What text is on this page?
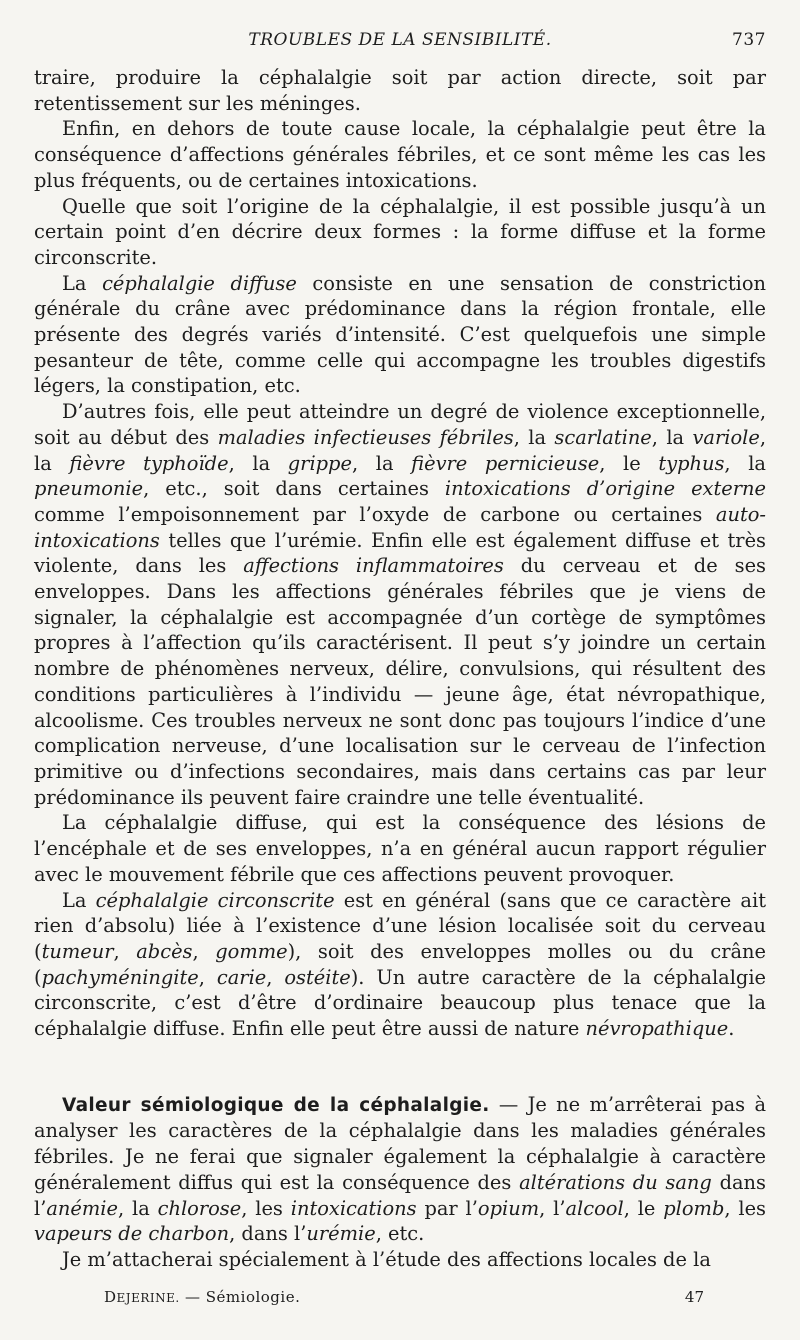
TROUBLES DE LA SENSIBILITÉ.	737

traire, produire la céphalalgie soit par action directe, soit par retentissement sur les méninges.

Enfin, en dehors de toute cause locale, la céphalalgie peut être la conséquence d’affections générales fébriles, et ce sont même les cas les plus fréquents, ou de certaines intoxications.

Quelle que soit l’origine de la céphalalgie, il est possible jusqu’à un certain point d’en décrire deux formes : la forme diffuse et la forme circonscrite.

La céphalalgie diffuse consiste en une sensation de constriction générale du crâne avec prédominance dans la région frontale, elle présente des degrés variés d’intensité. C’est quelquefois une simple pesanteur de tête, comme celle qui accompagne les troubles digestifs légers, la constipation, etc.

D’autres fois, elle peut atteindre un degré de violence exceptionnelle, soit au début des maladies infectieuses fébriles, la scarlatine, la variole, la fièvre typhoïde, la grippe, la fièvre pernicieuse, le typhus, la pneumonie, etc., soit dans certaines intoxications d’origine externe comme l’empoisonnement par l’oxyde de carbone ou certaines auto-intoxications telles que l’urémie. Enfin elle est également diffuse et très violente, dans les affections inflammatoires du cerveau et de ses enveloppes. Dans les affections générales fébriles que je viens de signaler, la céphalalgie est accompagnée d’un cortège de symptômes propres à l’affection qu’ils caractérisent. Il peut s’y joindre un certain nombre de phénomènes nerveux, délire, convulsions, qui résultent des conditions particulières à l’individu — jeune âge, état névropathique, alcoolisme. Ces troubles nerveux ne sont donc pas toujours l’indice d’une complication nerveuse, d’une localisation sur le cerveau de l’infection primitive ou d’infections secondaires, mais dans certains cas par leur prédominance ils peuvent faire craindre une telle éventualité.

La céphalalgie diffuse, qui est la conséquence des lésions de l’encéphale et de ses enveloppes, n’a en général aucun rapport régulier avec le mouvement fébrile que ces affections peuvent provoquer.

La céphalalgie circonscrite est en général (sans que ce caractère ait rien d’absolu) liée à l’existence d’une lésion localisée soit du cerveau (tumeur, abcès, gomme), soit des enveloppes molles ou du crâne (pachyméningite, carie, ostéite). Un autre caractère de la céphalalgie circonscrite, c’est d’être d’ordinaire beaucoup plus tenace que la céphalalgie diffuse. Enfin elle peut être aussi de nature névropathique.

Valeur sémiologique de la céphalalgie. — Je ne m’arrêterai pas à analyser les caractères de la céphalalgie dans les maladies générales fébriles. Je ne ferai que signaler également la céphalalgie à caractère généralement diffus qui est la conséquence des altérations du sang dans l’anémie, la chlorose, les intoxications par l’opium, l’alcool, le plomb, les vapeurs de charbon, dans l’urémie, etc.

Je m’attacherai spécialement à l’étude des affections locales de la

DEJERINE. — Sémiologie.	47
